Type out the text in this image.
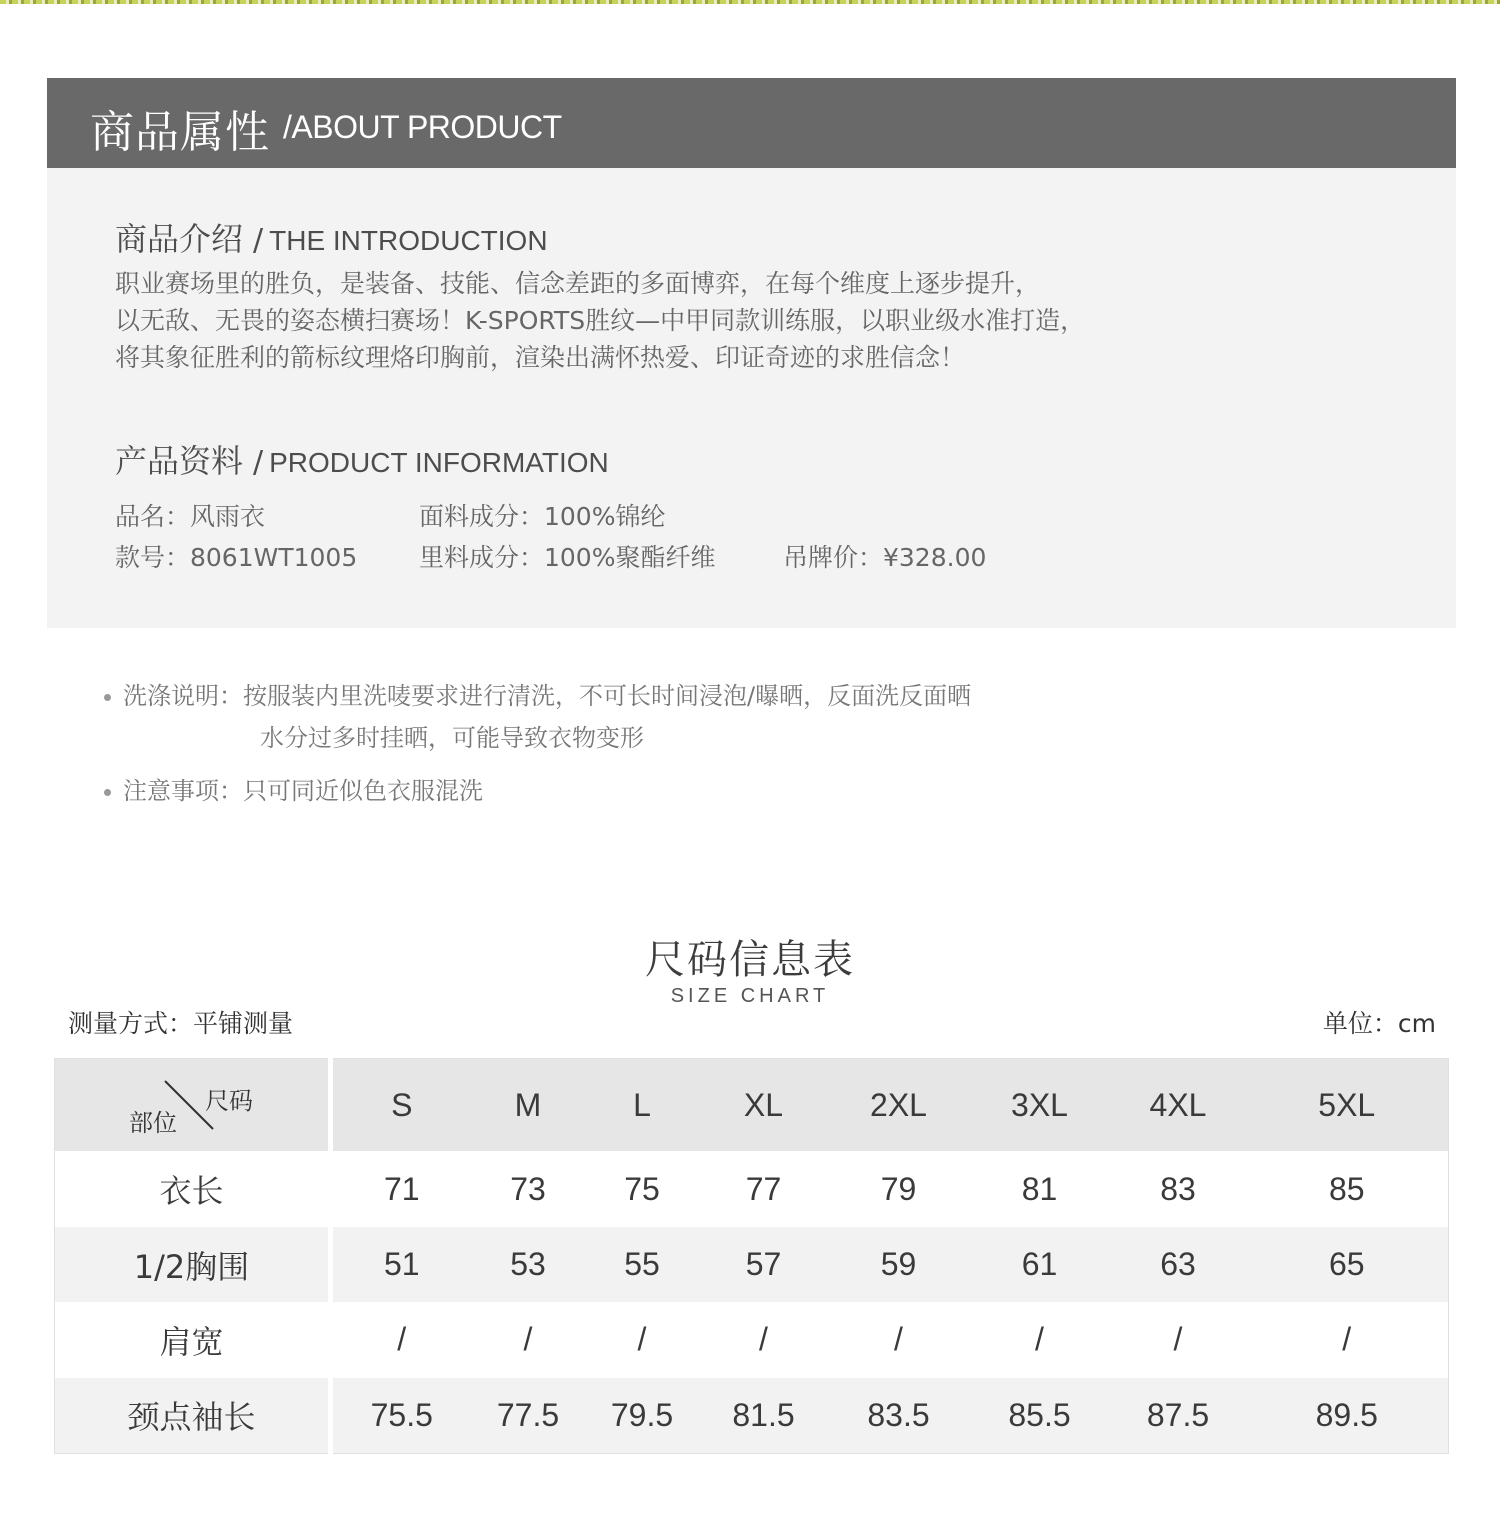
商品属性 /ABOUT PRODUCT
商品介绍 / THE INTRODUCTION
职业赛场里的胜负，是装备、技能、信念差距的多面博弈，在每个维度上逐步提升，
以无敌、无畏的姿态横扫赛场！K-SPORTS胜纹—中甲同款训练服，以职业级水准打造，
将其象征胜利的箭标纹理烙印胸前，渲染出满怀热爱、印证奇迹的求胜信念！
产品资料 / PRODUCT INFORMATION
品名：风雨衣	面料成分：100%锦纶
款号：8061WT1005 里料成分：100%聚酯纤维	吊牌价：¥328.00
洗涤说明：按服装内里洗唛要求进行清洗，不可长时间浸泡/曝晒，反面洗反面晒
水分过多时挂晒，可能导致衣物变形
注意事项：只可同近似色衣服混洗
尺码信息表
SIZE CHART
测量方式：平铺测量	单位：cm
部位
尺码	S	M	L	XL	2XL	3XL	4XL	5XL
衣长	71	73	75	77	79	81	83	85
1/2胸围	51	53	55	57	59	61	63	65
肩宽	/	/	/	/	/	/	/	/
颈点袖长	75.5	77.5	79.5	81.5	83.5	85.5	87.5	89.5
